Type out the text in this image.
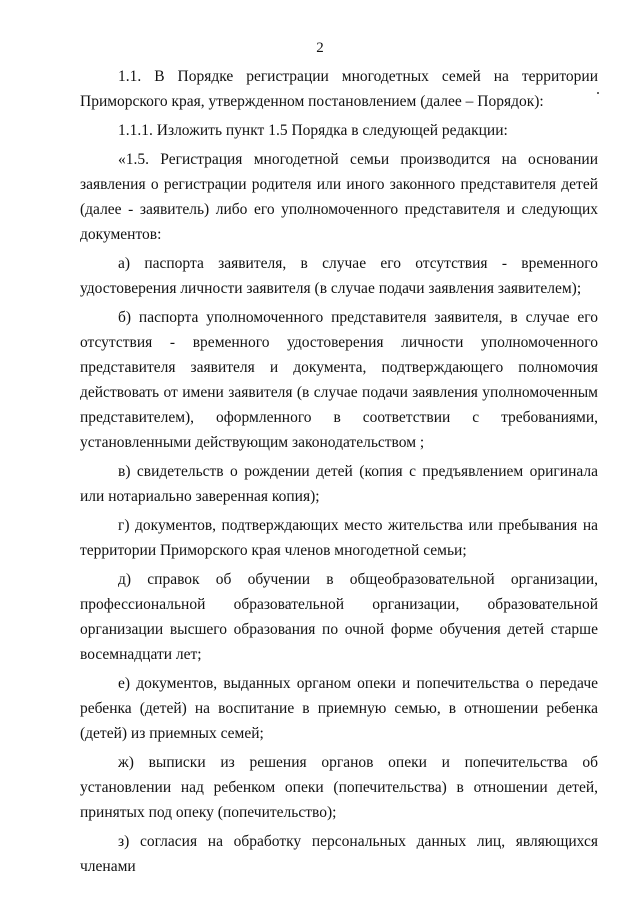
2

1.1. В Порядке регистрации многодетных семей на территории Приморского края, утвержденном постановлением (далее – Порядок):

1.1.1. Изложить пункт 1.5 Порядка в следующей редакции:

«1.5. Регистрация многодетной семьи производится на основании заявления о регистрации родителя или иного законного представителя детей (далее - заявитель) либо его уполномоченного представителя и следующих документов:

а) паспорта заявителя, в случае его отсутствия - временного удостоверения личности заявителя (в случае подачи заявления заявителем);

б) паспорта уполномоченного представителя заявителя, в случае его отсутствия - временного удостоверения личности уполномоченного представителя заявителя и документа, подтверждающего полномочия действовать от имени заявителя (в случае подачи заявления уполномоченным представителем), оформленного в соответствии с требованиями, установленными действующим законодательством ;

в) свидетельств о рождении детей (копия с предъявлением оригинала или нотариально заверенная копия);

г) документов, подтверждающих место жительства или пребывания на территории Приморского края членов многодетной семьи;

д) справок об обучении в общеобразовательной организации, профессиональной образовательной организации, образовательной организации высшего образования по очной форме обучения детей старше восемнадцати лет;

е) документов, выданных органом опеки и попечительства о передаче ребенка (детей) на воспитание в приемную семью, в отношении ребенка (детей) из приемных семей;

ж) выписки из решения органов опеки и попечительства об установлении над ребенком опеки (попечительства) в отношении детей, принятых под опеку (попечительство);

з) согласия на обработку персональных данных лиц, являющихся членами
